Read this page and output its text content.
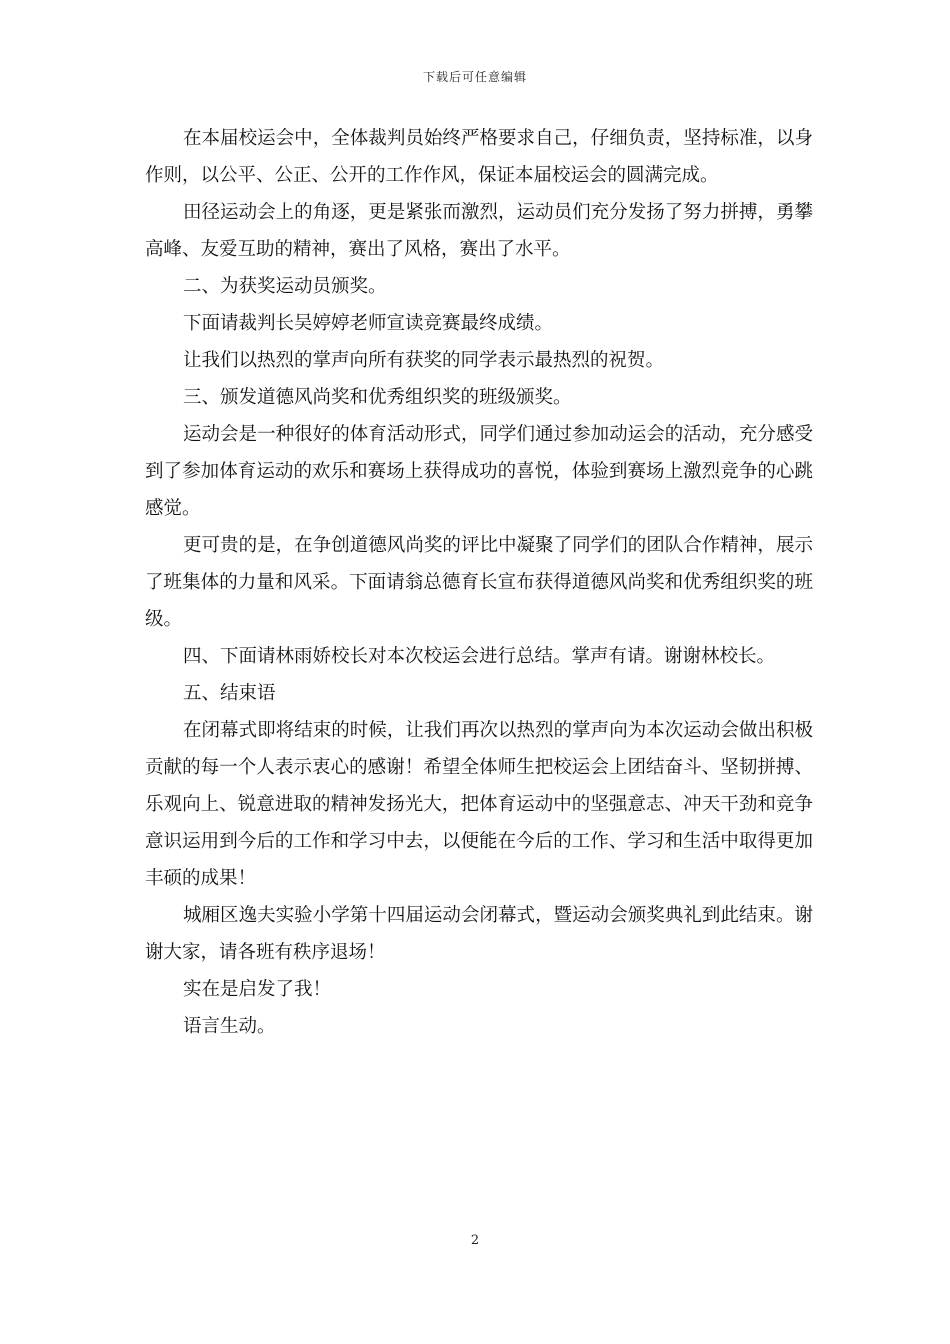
下载后可任意编辑

在本届校运会中，全体裁判员始终严格要求自己，仔细负责，坚持标准，以身作则，以公平、公正、公开的工作作风，保证本届校运会的圆满完成。

田径运动会上的角逐，更是紧张而激烈，运动员们充分发扬了努力拼搏，勇攀高峰、友爱互助的精神，赛出了风格，赛出了水平。

二、为获奖运动员颁奖。

下面请裁判长吴婷婷老师宣读竞赛最终成绩。

让我们以热烈的掌声向所有获奖的同学表示最热烈的祝贺。

三、颁发道德风尚奖和优秀组织奖的班级颁奖。

运动会是一种很好的体育活动形式，同学们通过参加动运会的活动，充分感受到了参加体育运动的欢乐和赛场上获得成功的喜悦，体验到赛场上激烈竞争的心跳感觉。

更可贵的是，在争创道德风尚奖的评比中凝聚了同学们的团队合作精神，展示了班集体的力量和风采。下面请翁总德育长宣布获得道德风尚奖和优秀组织奖的班级。

四、下面请林雨娇校长对本次校运会进行总结。掌声有请。谢谢林校长。

五、结束语

在闭幕式即将结束的时候，让我们再次以热烈的掌声向为本次运动会做出积极贡献的每一个人表示衷心的感谢！希望全体师生把校运会上团结奋斗、坚韧拼搏、乐观向上、锐意进取的精神发扬光大，把体育运动中的坚强意志、冲天干劲和竞争意识运用到今后的工作和学习中去，以便能在今后的工作、学习和生活中取得更加丰硕的成果！

城厢区逸夫实验小学第十四届运动会闭幕式，暨运动会颁奖典礼到此结束。谢谢大家，请各班有秩序退场！

实在是启发了我！

语言生动。

2
